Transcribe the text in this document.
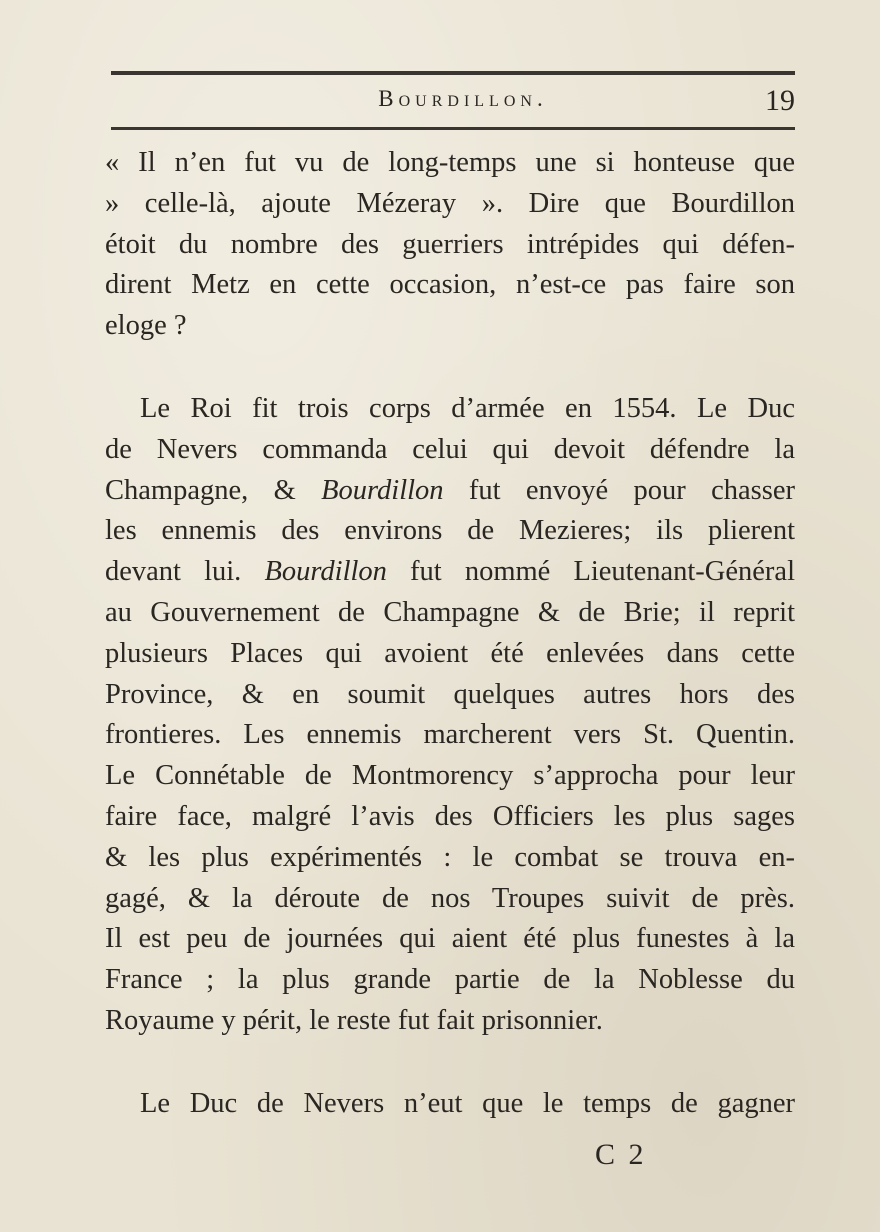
Bourdillon.	19

« Il n’en fut vu de long-temps une si honteuse que

» celle-là, ajoute Mézeray ». Dire que Bourdillon

étoit du nombre des guerriers intrépides qui défen-

dirent Metz en cette occasion, n’est-ce pas faire son

eloge ?

Le Roi fit trois corps d’armée en 1554. Le Duc

de Nevers commanda celui qui devoit défendre la

Champagne, & Bourdillon fut envoyé pour chasser

les ennemis des environs de Mezieres; ils plierent

devant lui. Bourdillon fut nommé Lieutenant-Général

au Gouvernement de Champagne & de Brie; il reprit

plusieurs Places qui avoient été enlevées dans cette

Province, & en soumit quelques autres hors des

frontieres. Les ennemis marcherent vers St. Quentin.

Le Connétable de Montmorency s’approcha pour leur

faire face, malgré l’avis des Officiers les plus sages

& les plus expérimentés : le combat se trouva en-

gagé, & la déroute de nos Troupes suivit de près.

Il est peu de journées qui aient été plus funestes à la

France ; la plus grande partie de la Noblesse du

Royaume y périt, le reste fut fait prisonnier.

Le Duc de Nevers n’eut que le temps de gagner

C 2
